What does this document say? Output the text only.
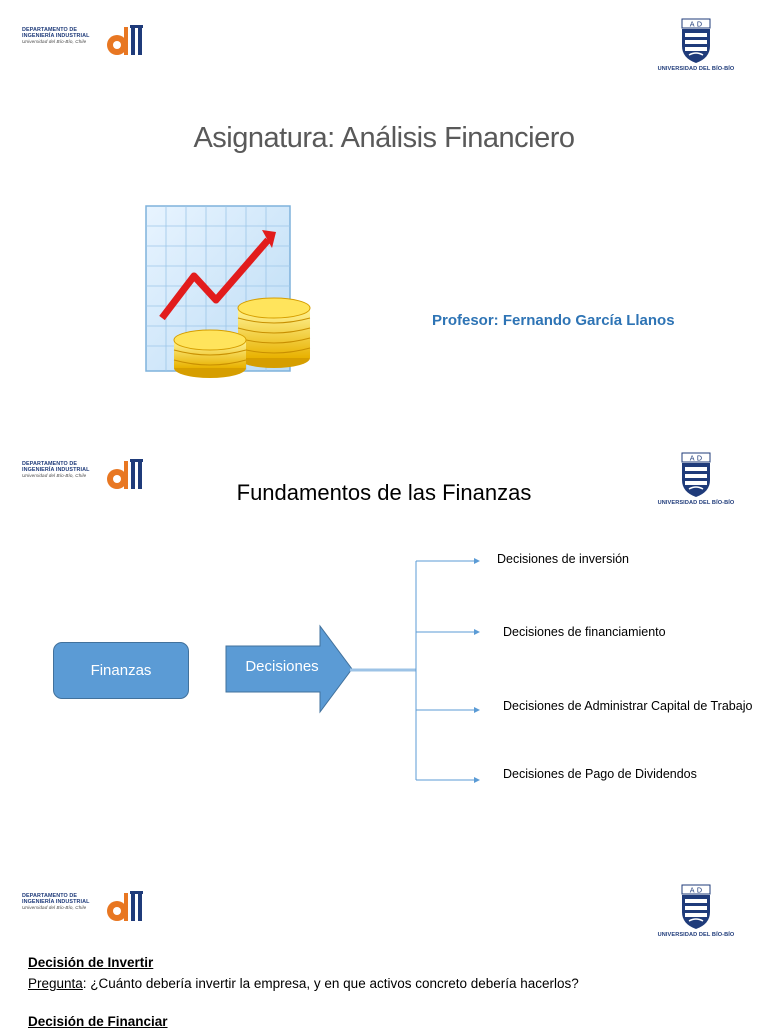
DEPARTAMENTO DE
INGENIERÍA INDUSTRIAL
Universidad del Bío-Bío, Chile
A D
UNIVERSIDAD DEL BÍO-BÍO
Asignatura: Análisis Financiero
Profesor: Fernando García Llanos
DEPARTAMENTO DE
INGENIERÍA INDUSTRIAL
Universidad del Bío-Bío, Chile
A D
UNIVERSIDAD DEL BÍO-BÍO
Fundamentos de las Finanzas
Finanzas	Decisiones
Decisiones de inversión
Decisiones de financiamiento
Decisiones de Administrar Capital de Trabajo
Decisiones de Pago de Dividendos
DEPARTAMENTO DE
INGENIERÍA INDUSTRIAL
Universidad del Bío-Bío, Chile
A D
UNIVERSIDAD DEL BÍO-BÍO
Decisión de Invertir
Pregunta: ¿Cuánto debería invertir la empresa, y en que activos concreto debería hacerlos?
Decisión de Financiar
